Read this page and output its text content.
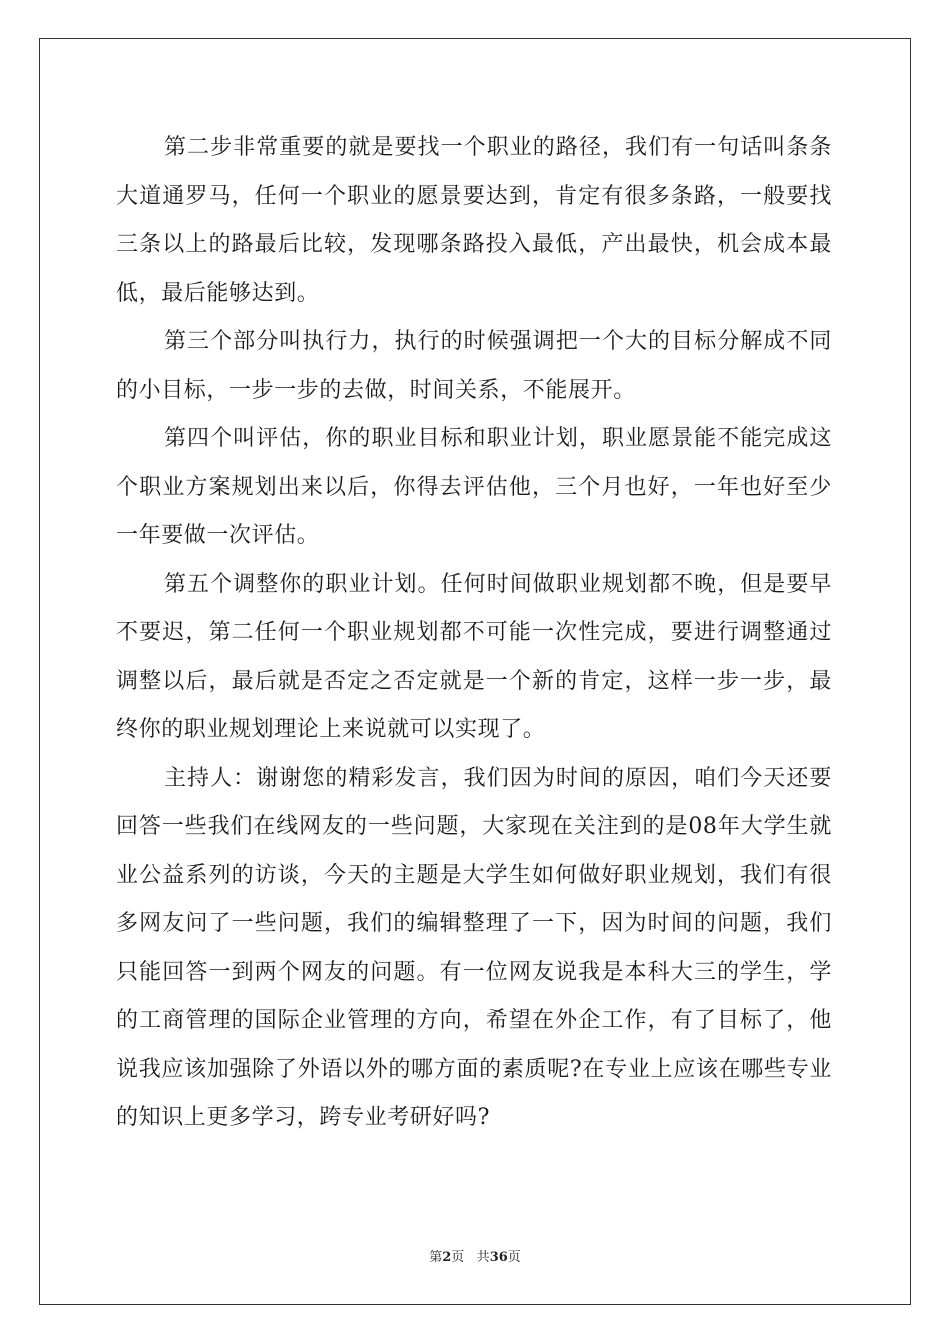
第二步非常重要的就是要找一个职业的路径，我们有一句话叫条条大道通罗马，任何一个职业的愿景要达到，肯定有很多条路，一般要找三条以上的路最后比较，发现哪条路投入最低，产出最快，机会成本最低，最后能够达到。

第三个部分叫执行力，执行的时候强调把一个大的目标分解成不同的小目标，一步一步的去做，时间关系，不能展开。

第四个叫评估，你的职业目标和职业计划，职业愿景能不能完成这个职业方案规划出来以后，你得去评估他，三个月也好，一年也好至少一年要做一次评估。

第五个调整你的职业计划。任何时间做职业规划都不晚，但是要早不要迟，第二任何一个职业规划都不可能一次性完成，要进行调整通过调整以后，最后就是否定之否定就是一个新的肯定，这样一步一步，最终你的职业规划理论上来说就可以实现了。

主持人：谢谢您的精彩发言，我们因为时间的原因，咱们今天还要回答一些我们在线网友的一些问题，大家现在关注到的是08年大学生就业公益系列的访谈，今天的主题是大学生如何做好职业规划，我们有很多网友问了一些问题，我们的编辑整理了一下，因为时间的问题，我们只能回答一到两个网友的问题。有一位网友说我是本科大三的学生，学的工商管理的国际企业管理的方向，希望在外企工作，有了目标了，他说我应该加强除了外语以外的哪方面的素质呢?在专业上应该在哪些专业的知识上更多学习，跨专业考研好吗?

第2页 共36页
